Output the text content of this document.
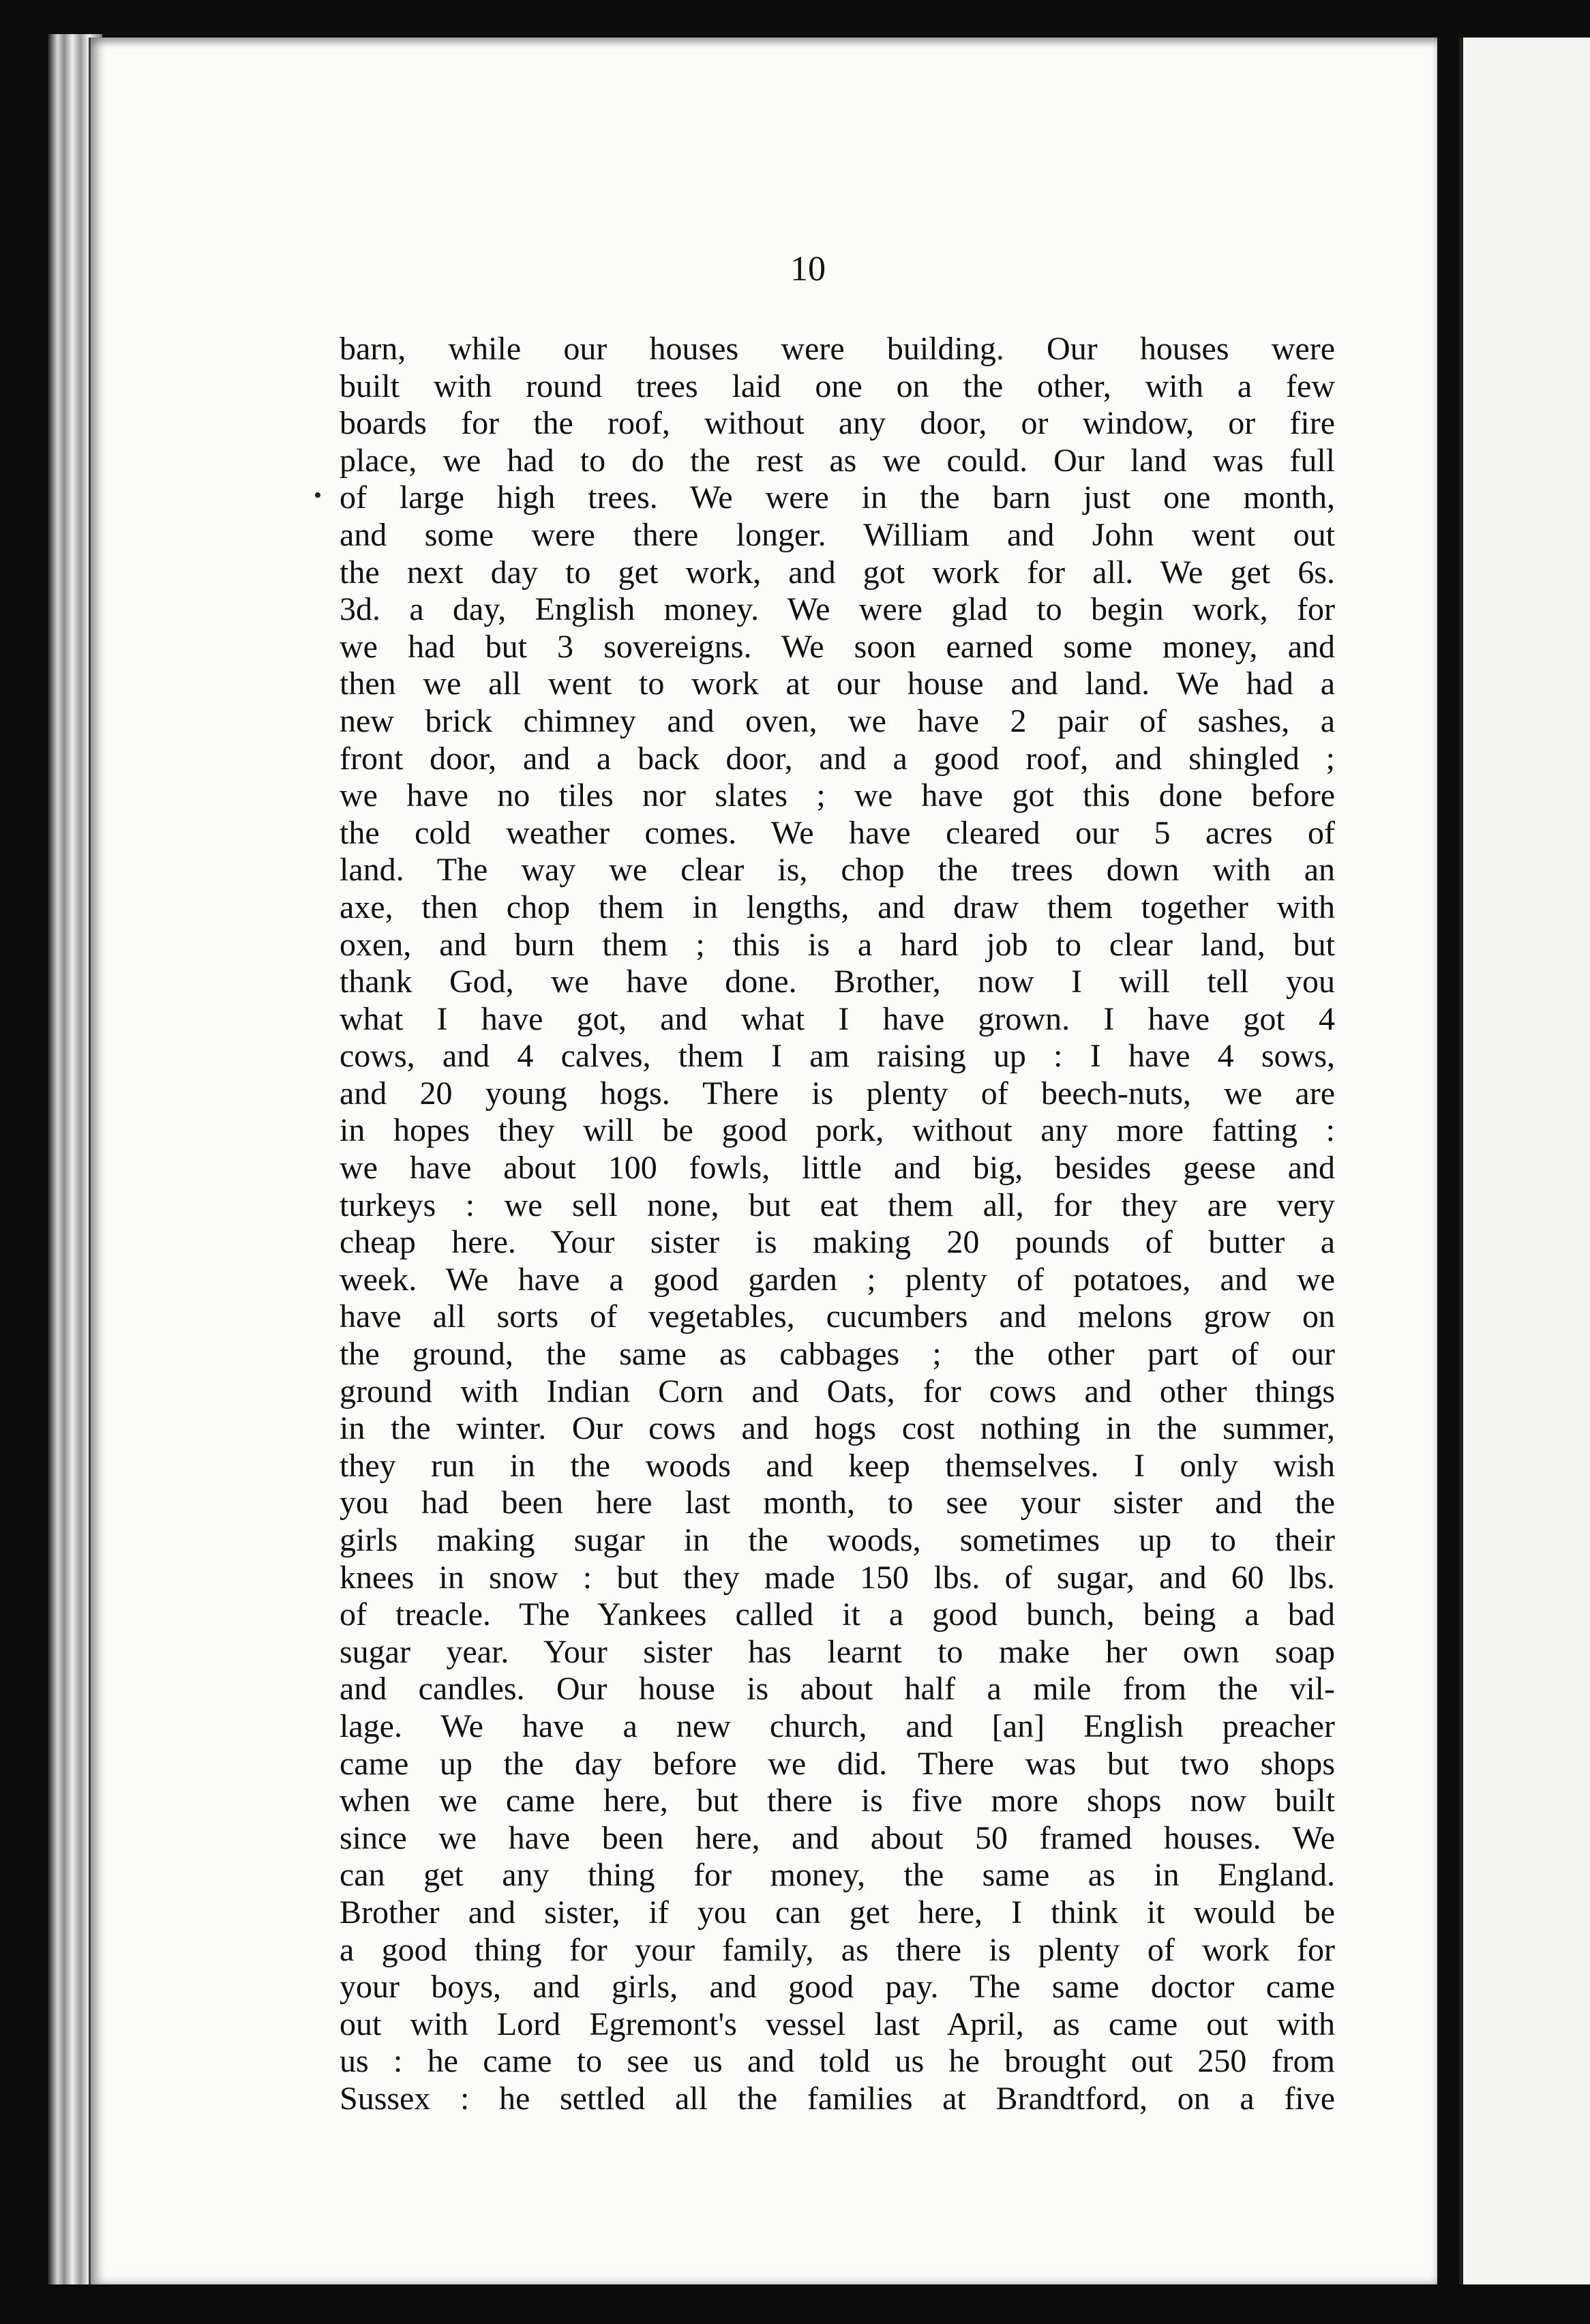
10
barn, while our houses were building. Our houses were
built with round trees laid one on the other, with a few
boards for the roof, without any door, or window, or fire
place, we had to do the rest as we could. Our land was full
of large high trees. We were in the barn just one month,
and some were there longer. William and John went out
the next day to get work, and got work for all. We get 6s.
3d. a day, English money. We were glad to begin work, for
we had but 3 sovereigns. We soon earned some money, and
then we all went to work at our house and land. We had a
new brick chimney and oven, we have 2 pair of sashes, a
front door, and a back door, and a good roof, and shingled ;
we have no tiles nor slates ; we have got this done before
the cold weather comes. We have cleared our 5 acres of
land. The way we clear is, chop the trees down with an
axe, then chop them in lengths, and draw them together with
oxen, and burn them ; this is a hard job to clear land, but
thank God, we have done. Brother, now I will tell you
what I have got, and what I have grown. I have got 4
cows, and 4 calves, them I am raising up : I have 4 sows,
and 20 young hogs. There is plenty of beech-nuts, we are
in hopes they will be good pork, without any more fatting :
we have about 100 fowls, little and big, besides geese and
turkeys : we sell none, but eat them all, for they are very
cheap here. Your sister is making 20 pounds of butter a
week. We have a good garden ; plenty of potatoes, and we
have all sorts of vegetables, cucumbers and melons grow on
the ground, the same as cabbages ; the other part of our
ground with Indian Corn and Oats, for cows and other things
in the winter. Our cows and hogs cost nothing in the summer,
they run in the woods and keep themselves. I only wish
you had been here last month, to see your sister and the
girls making sugar in the woods, sometimes up to their
knees in snow : but they made 150 lbs. of sugar, and 60 lbs.
of treacle. The Yankees called it a good bunch, being a bad
sugar year. Your sister has learnt to make her own soap
and candles. Our house is about half a mile from the vil-
lage. We have a new church, and [an] English preacher
came up the day before we did. There was but two shops
when we came here, but there is five more shops now built
since we have been here, and about 50 framed houses. We
can get any thing for money, the same as in England.
Brother and sister, if you can get here, I think it would be
a good thing for your family, as there is plenty of work for
your boys, and girls, and good pay. The same doctor came
out with Lord Egremont's vessel last April, as came out with
us : he came to see us and told us he brought out 250 from
Sussex : he settled all the families at Brandtford, on a five
